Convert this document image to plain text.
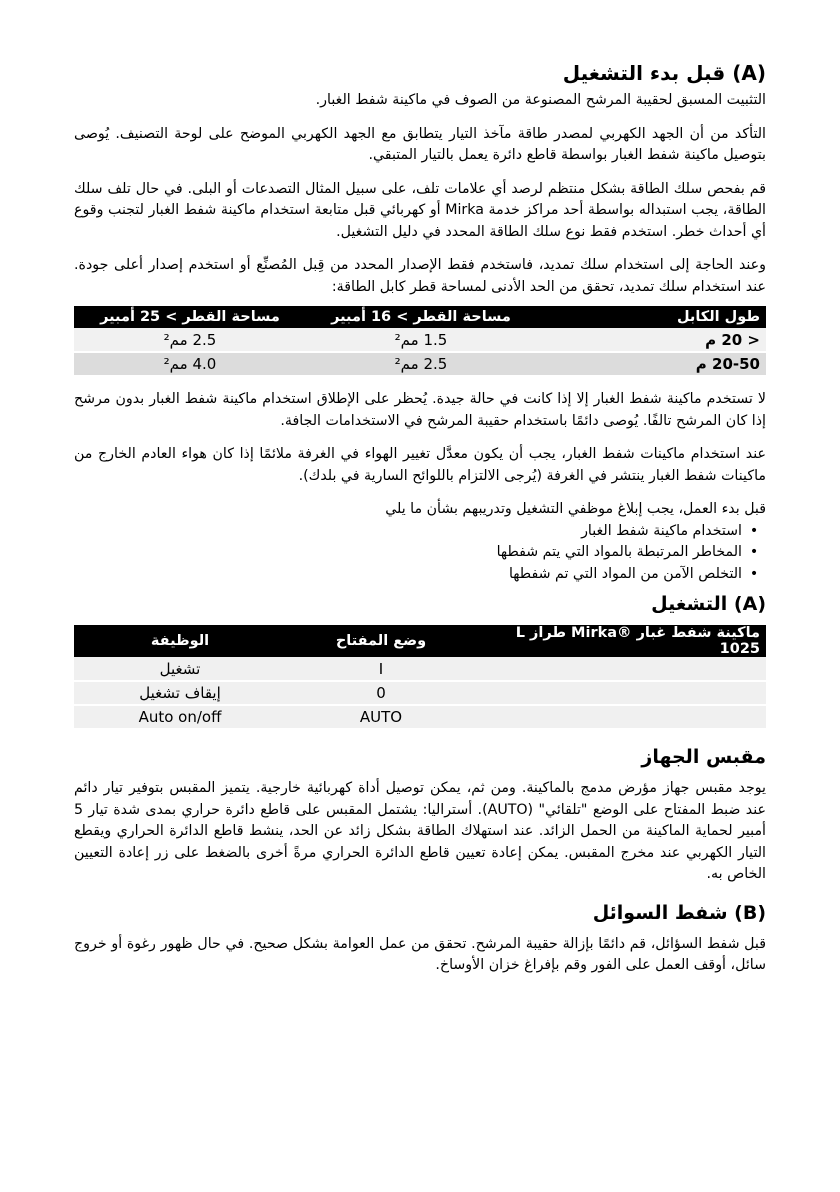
(A) قبل بدء التشغيل

التثبيت المسبق لحقيبة المرشح المصنوعة من الصوف في ماكينة شفط الغبار.

التأكد من أن الجهد الكهربي لمصدر طاقة مآخذ التيار يتطابق مع الجهد الكهربي الموضح على لوحة التصنيف. يُوصى بتوصيل ماكينة شفط الغبار بواسطة قاطع دائرة يعمل بالتيار المتبقي.

قم بفحص سلك الطاقة بشكل منتظم لرصد أي علامات تلف، على سبيل المثال التصدعات أو البلى. في حال تلف سلك الطاقة، يجب استبداله بواسطة أحد مراكز خدمة Mirka أو كهربائي قبل متابعة استخدام ماكينة شفط الغبار لتجنب وقوع أي أحداث خطر. استخدم فقط نوع سلك الطاقة المحدد في دليل التشغيل.

وعند الحاجة إلى استخدام سلك تمديد، فاستخدم فقط الإصدار المحدد من قِبل المُصنِّع أو استخدم إصدار أعلى جودة. عند استخدام سلك تمديد، تحقق من الحد الأدنى لمساحة قطر كابل الطاقة:

طول الكابل	مساحة القطر > 16 أمبير	مساحة القطر > 25 أمبير
< 20 م	1.5 مم²	2.5 مم²
20-50 م	2.5 مم²	4.0 مم²

لا تستخدم ماكينة شفط الغبار إلا إذا كانت في حالة جيدة. يُحظر على الإطلاق استخدام ماكينة شفط الغبار بدون مرشح إذا كان المرشح تالفًا. يُوصى دائمًا باستخدام حقيبة المرشح في الاستخدامات الجافة.

عند استخدام ماكينات شفط الغبار، يجب أن يكون معدَّل تغيير الهواء في الغرفة ملائمًا إذا كان هواء العادم الخارج من ماكينات شفط الغبار ينتشر في الغرفة (يُرجى الالتزام باللوائح السارية في بلدك).

قبل بدء العمل، يجب إبلاغ موظفي التشغيل وتدريبهم بشأن ما يلي

• استخدام ماكينة شفط الغبار
• المخاطر المرتبطة بالمواد التي يتم شفطها
• التخلص الآمن من المواد التي تم شفطها
(A) التشغيل
ماكينة شفط غبار ®Mirka طراز L 1025	وضع المفتاح	الوظيفة
	I	تشغيل
	0	إيقاف تشغيل
	AUTO	Auto on/off
مقبس الجهاز

يوجد مقبس جهاز مؤرض مدمج بالماكينة. ومن ثم، يمكن توصيل أداة كهربائية خارجية. يتميز المقبس بتوفير تيار دائم عند ضبط المفتاح على الوضع "تلقائي" (AUTO). أستراليا: يشتمل المقبس على قاطع دائرة حراري بمدى شدة تيار 5 أمبير لحماية الماكينة من الحمل الزائد. عند استهلاك الطاقة بشكل زائد عن الحد، ينشط قاطع الدائرة الحراري ويقطع التيار الكهربي عند مخرج المقبس. يمكن إعادة تعيين قاطع الدائرة الحراري مرةً أخرى بالضغط على زر إعادة التعيين الخاص به.

(B) شفط السوائل

قبل شفط السؤائل، قم دائمًا بإزالة حقيبة المرشح. تحقق من عمل العوامة بشكل صحيح. في حال ظهور رغوة أو خروج سائل، أوقف العمل على الفور وقم بإفراغ خزان الأوساخ.
